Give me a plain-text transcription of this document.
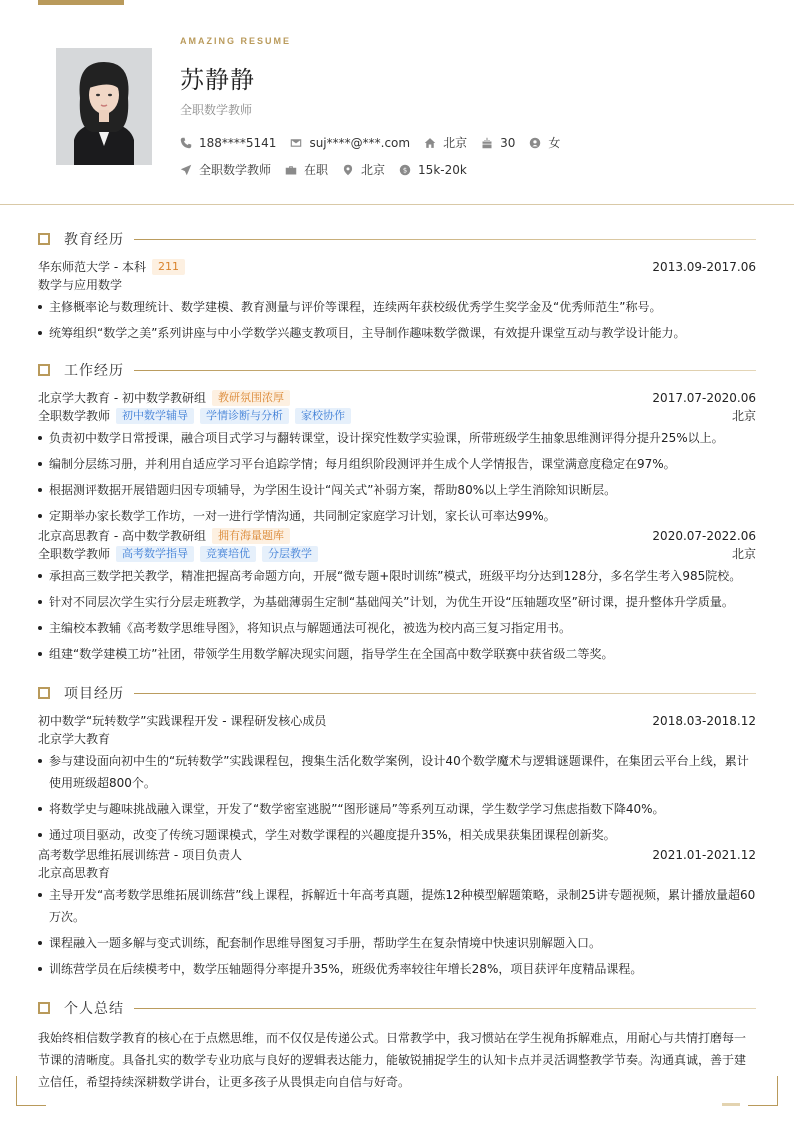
AMAZING RESUME
苏静静
全职数学教师
188****5141	suj****@***.com	北京	30	女
全职数学教师	在职	北京 $ 15k-20k
教育经历
华东师范大学 - 本科	211	2013.09-2017.06
数学与应用数学
主修概率论与数理统计、数学建模、教育测量与评价等课程，连续两年获校级优秀学生奖学金及“优秀师范生”称号。
统筹组织“数学之美”系列讲座与中小学数学兴趣支教项目，主导制作趣味数学微课，有效提升课堂互动与教学设计能力。
工作经历
北京学大教育 - 初中数学教研组	教研氛围浓厚	2017.07-2020.06
全职数学教师	初中数学辅导	学情诊断与分析	家校协作	北京
负责初中数学日常授课，融合项目式学习与翻转课堂，设计探究性数学实验课，所带班级学生抽象思维测评得分提升25%以上。
编制分层练习册，并利用自适应学习平台追踪学情；每月组织阶段测评并生成个人学情报告，课堂满意度稳定在97%。
根据测评数据开展错题归因专项辅导，为学困生设计“闯关式”补弱方案，帮助80%以上学生消除知识断层。
定期举办家长数学工作坊，一对一进行学情沟通，共同制定家庭学习计划，家长认可率达99%。
北京高思教育 - 高中数学教研组	拥有海量题库	2020.07-2022.06
全职数学教师	高考数学指导	竞赛培优	分层教学	北京
承担高三数学把关教学，精准把握高考命题方向，开展“微专题+限时训练”模式，班级平均分达到128分，多名学生考入985院校。
针对不同层次学生实行分层走班教学，为基础薄弱生定制“基础闯关”计划，为优生开设“压轴题攻坚”研讨课，提升整体升学质量。
主编校本教辅《高考数学思维导图》，将知识点与解题通法可视化，被选为校内高三复习指定用书。
组建“数学建模工坊”社团，带领学生用数学解决现实问题，指导学生在全国高中数学联赛中获省级二等奖。
项目经历
初中数学“玩转数学”实践课程开发 - 课程研发核心成员	2018.03-2018.12
北京学大教育
参与建设面向初中生的“玩转数学”实践课程包，搜集生活化数学案例，设计40个数学魔术与逻辑谜题课件，在集团云平台上线，累计使用班级超800个。
将数学史与趣味挑战融入课堂，开发了“数学密室逃脱”“图形谜局”等系列互动课，学生数学学习焦虑指数下降40%。
通过项目驱动，改变了传统习题课模式，学生对数学课程的兴趣度提升35%，相关成果获集团课程创新奖。
高考数学思维拓展训练营 - 项目负责人	2021.01-2021.12
北京高思教育
主导开发“高考数学思维拓展训练营”线上课程，拆解近十年高考真题，提炼12种模型解题策略，录制25讲专题视频，累计播放量超60万次。
课程融入一题多解与变式训练，配套制作思维导图复习手册，帮助学生在复杂情境中快速识别解题入口。
训练营学员在后续模考中，数学压轴题得分率提升35%，班级优秀率较往年增长28%，项目获评年度精品课程。
个人总结

我始终相信数学教育的核心在于点燃思维，而不仅仅是传递公式。日常教学中，我习惯站在学生视角拆解难点，用耐心与共情打磨每一节课的清晰度。具备扎实的数学专业功底与良好的逻辑表达能力，能敏锐捕捉学生的认知卡点并灵活调整教学节奏。沟通真诚，善于建立信任，希望持续深耕数学讲台，让更多孩子从畏惧走向自信与好奇。
